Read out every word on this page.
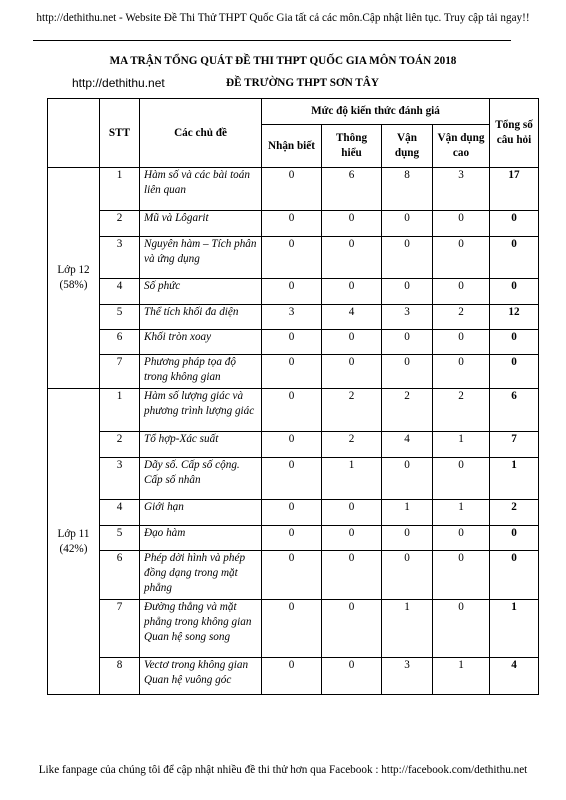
http://dethithu.net - Website Đề Thi Thử THPT Quốc Gia tất cả các môn.Cập nhật liên tục. Truy cập tải ngay!!
MA TRẬN TỔNG QUÁT ĐỀ THI THPT QUỐC GIA MÔN TOÁN 2018
http://dethithu.net	ĐỀ TRƯỜNG THPT SƠN TÂY
	STT	Các chủ đề	Mức độ kiến thức đánh giá				Tổng số câu hỏi
			Nhận biết	Thông hiểu	Vận dụng	Vận dụng cao	

Lớp 12
(58%)	1	Hàm số và các bài toán liên quan	0	6	8	3	17
	2	Mũ và Lôgarit	0	0	0	0	0
	3	Nguyên hàm – Tích phân và ứng dụng	0	0	0	0	0
	4	Số phức	0	0	0	0	0
	5	Thể tích khối đa diện	3	4	3	2	12
	6	Khối tròn xoay	0	0	0	0	0
	7	Phương pháp tọa độ trong không gian	0	0	0	0	0

Lớp 11
(42%)	1	Hàm số lượng giác và phương trình lượng giác	0	2	2	2	6
	2	Tổ hợp-Xác suất	0	2	4	1	7
	3	Dãy số. Cấp số cộng. Cấp số nhân	0	1	0	0	1
	4	Giới hạn	0	0	1	1	2
	5	Đạo hàm	0	0	0	0	0
	6	Phép dời hình và phép đồng dạng trong mặt phẳng	0	0	0	0	0
	7	Đường thẳng và mặt phẳng trong không gian Quan hệ song song	0	0	1	0	1
	8	Vectơ trong không gian Quan hệ vuông góc	0	0	3	1	4
Like fanpage của chúng tôi để cập nhật nhiều đề thi thử hơn qua Facebook : http://facebook.com/dethithu.net
